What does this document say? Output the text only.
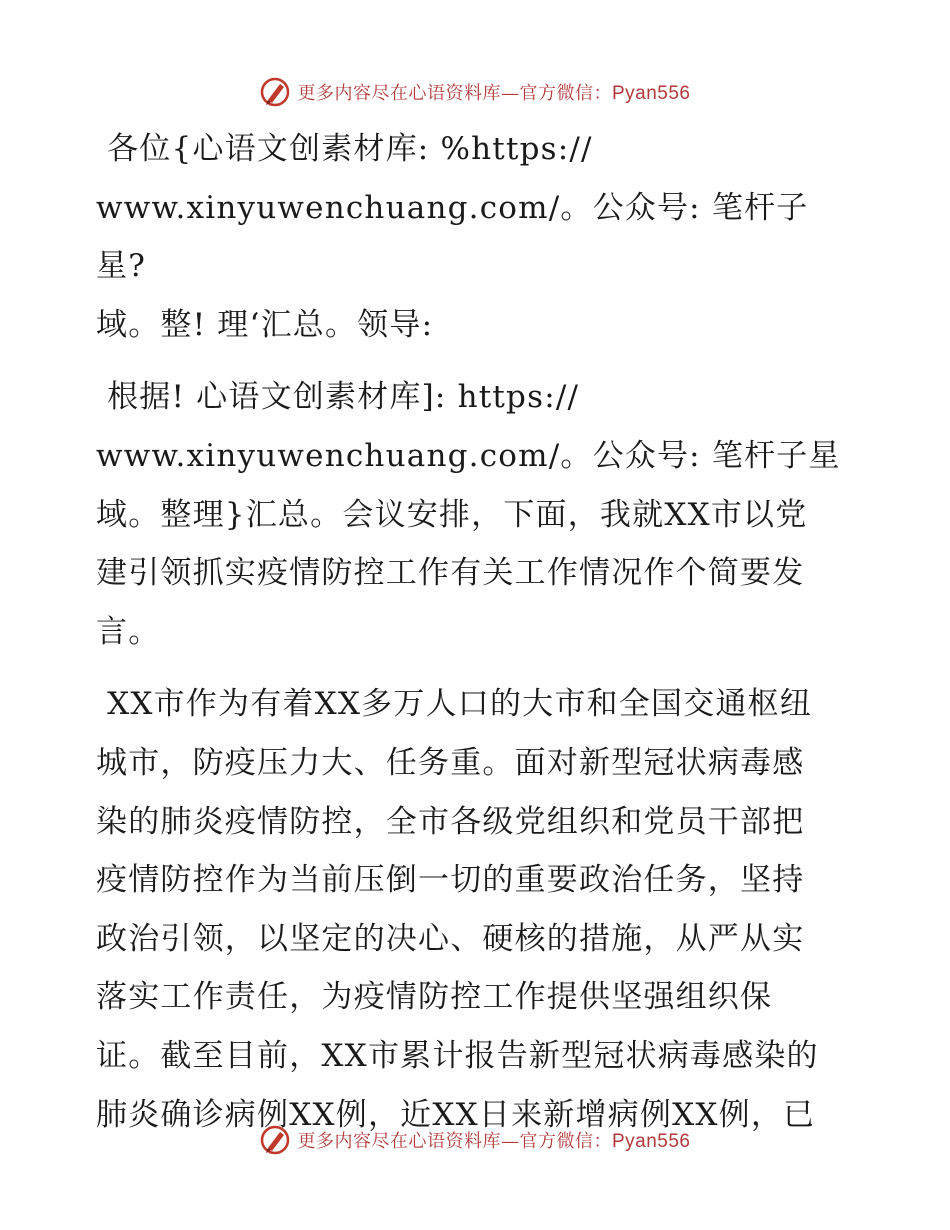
更多内容尽在心语资料库—官方微信：Pyan556

各位{心语文创素材库: %https://
www.xinyuwenchuang.com/。公众号: 笔杆子星?
域。整! 理‘汇总。领导:

根据! 心语文创素材库]: https://
www.xinyuwenchuang.com/。公众号: 笔杆子星
域。整理}汇总。会议安排，下面，我就XX市以党
建引领抓实疫情防控工作有关工作情况作个简要发
言。

XX市作为有着XX多万人口的大市和全国交通枢纽
城市，防疫压力大、任务重。面对新型冠状病毒感
染的肺炎疫情防控，全市各级党组织和党员干部把
疫情防控作为当前压倒一切的重要政治任务，坚持
政治引领，以坚定的决心、硬核的措施，从严从实
落实工作责任，为疫情防控工作提供坚强组织保
证。截至目前，XX市累计报告新型冠状病毒感染的
肺炎确诊病例XX例，近XX日来新增病例XX例，已

更多内容尽在心语资料库—官方微信：Pyan556
